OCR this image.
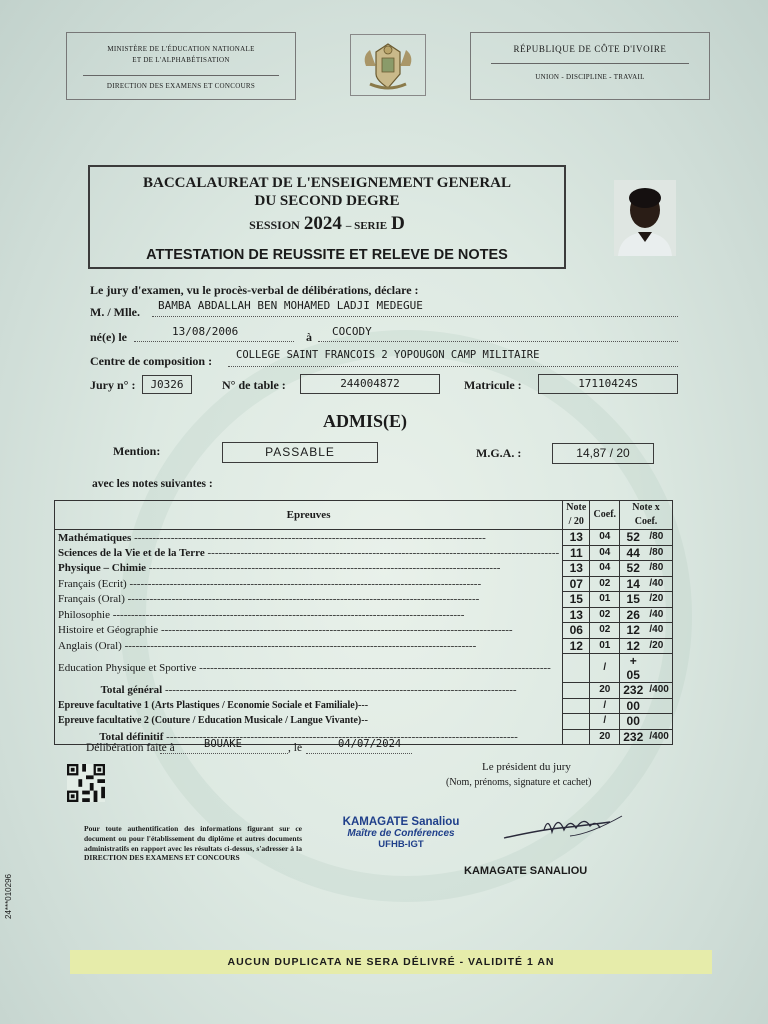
MINISTÈRE DE L'ÉDUCATION NATIONALE
ET DE L'ALPHABÉTISATION
DIRECTION DES EXAMENS ET CONCOURS
RÉPUBLIQUE DE CÔTE D'IVOIRE
UNION - DISCIPLINE - TRAVAIL
BACCALAUREAT DE L'ENSEIGNEMENT GENERAL
DU SECOND DEGRE
SESSION 2024 – SERIE D
ATTESTATION DE REUSSITE ET RELEVE DE NOTES
Le jury d'examen, vu le procès-verbal de délibérations, déclare :
M. / Mlle. BAMBA ABDALLAH BEN MOHAMED LADJI MEDEGUE
né(e) le	13/08/2006	à COCODY
Centre de composition : COLLEGE SAINT FRANCOIS 2 YOPOUGON CAMP MILITAIRE
Jury n° :	J0326	N° de table :	244004872	Matricule :	17110424S
ADMIS(E)
Mention:	PASSABLE	M.G.A. :	14,87 / 20
avec les notes suivantes :
Epreuves	Note / 20	Coef.	Note x Coef.	
Mathématiques -----	13	04	52	/80
Sciences de la Vie et de la Terre -----	11	04	44	/80
Physique – Chimie -----	13	04	52	/80
Français (Ecrit) -----	07	02	14	/40
Français (Oral) -----	15	01	15	/20
Philosophie -----	13	02	26	/40
Histoire et Géographie -----	06	02	12	/40
Anglais (Oral) -----	12	01	12	/20
Education Physique et Sportive -----		/	+ 05	
Total général -----		20	232	/400
Epreuve facultative 1 (Arts Plastiques / Economie Sociale et Familiale)---		/	00	
Epreuve facultative 2 (Couture / Education Musicale / Langue Vivante)--		/	00	
Total définitif -----		20	232	/400
Délibération faite à	BOUAKE	, le	04/07/2024
Le président du jury
(Nom, prénoms, signature et cachet)
Pour toute authentification des informations figurant sur ce document ou pour l'établissement du diplôme et autres documents administratifs en rapport avec les résultats ci-dessus, s'adresser à la DIRECTION DES EXAMENS ET CONCOURS
KAMAGATE Sanaliou
Maître de Conférences
UFHB-IGT
KAMAGATE SANALIOU
24***010296
AUCUN DUPLICATA NE SERA DÉLIVRÉ - VALIDITÉ 1 AN
